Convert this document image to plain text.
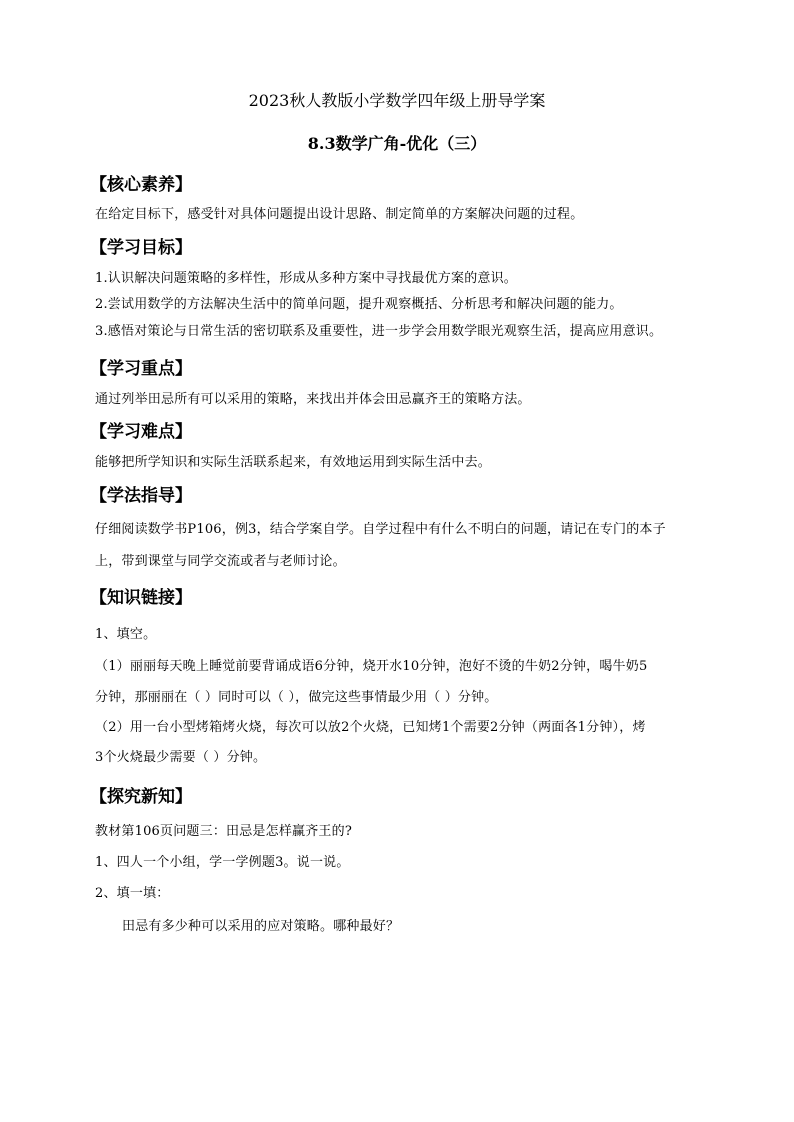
2023秋人教版小学数学四年级上册导学案
8.3数学广角-优化（三）
【核心素养】
在给定目标下，感受针对具体问题提出设计思路、制定简单的方案解决问题的过程。
【学习目标】
1.认识解决问题策略的多样性，形成从多种方案中寻找最优方案的意识。
2.尝试用数学的方法解决生活中的简单问题，提升观察概括、分析思考和解决问题的能力。
3.感悟对策论与日常生活的密切联系及重要性，进一步学会用数学眼光观察生活，提高应用意识。
【学习重点】
通过列举田忌所有可以采用的策略，来找出并体会田忌赢齐王的策略方法。
【学习难点】
能够把所学知识和实际生活联系起来，有效地运用到实际生活中去。
【学法指导】
仔细阅读数学书P106，例3，结合学案自学。自学过程中有什么不明白的问题，请记在专门的本子
上，带到课堂与同学交流或者与老师讨论。
【知识链接】
1、填空。
（1）丽丽每天晚上睡觉前要背诵成语6分钟，烧开水10分钟，泡好不烫的牛奶2分钟，喝牛奶5
分钟，那丽丽在（ ）同时可以（ ），做完这些事情最少用（ ）分钟。
（2）用一台小型烤箱烤火烧，每次可以放2个火烧，已知烤1个需要2分钟（两面各1分钟），烤
3个火烧最少需要（ ）分钟。
【探究新知】
教材第106页问题三：田忌是怎样赢齐王的?
1、四人一个小组，学一学例题3。说一说。
2、填一填：
田忌有多少种可以采用的应对策略。哪种最好？
